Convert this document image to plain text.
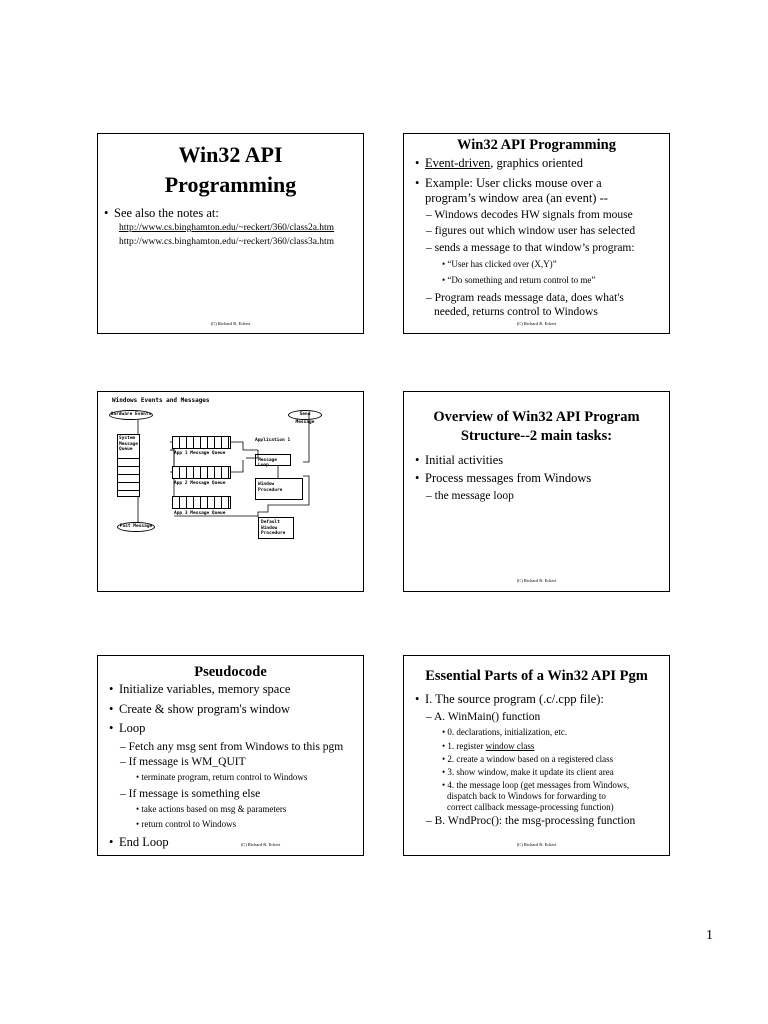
Win32 API
Programming
• See also the notes at:
http://www.cs.binghamton.edu/~reckert/360/class2a.htm
http://www.cs.binghamton.edu/~reckert/360/class3a.htm
(C) Richard R. Eckert
Win32 API Programming
• Event-driven, graphics oriented
• Example: User clicks mouse over a
program’s window area (an event) --
– Windows decodes HW signals from mouse
– figures out which window user has selected
– sends a message to that window’s program:
• “User has clicked over (X,Y)”
• “Do something and return control to me”
– Program reads message data, does what's
needed, returns control to Windows
(C) Richard R. Eckert
Windows Events and Messages
Hardware Events	Send Message
System Message Queue
App 1 Message Queue
App 2 Message Queue
App 3 Message Queue
Application 1
Message Loop
Window Procedure
Default Window Procedure
Post Message
Overview of Win32 API Program
Structure--2 main tasks:
• Initial activities
• Process messages from Windows
– the message loop
(C) Richard R. Eckert
Pseudocode
• Initialize variables, memory space
• Create & show program's window
• Loop
– Fetch any msg sent from Windows to this pgm
– If message is WM_QUIT
• terminate program, return control to Windows
– If message is something else
• take actions based on msg & parameters
• return control to Windows
• End Loop	(C) Richard R. Eckert
Essential Parts of a Win32 API Pgm
• I. The source program (.c/.cpp file):
– A. WinMain() function
• 0. declarations, initialization, etc.
• 1. register window class
• 2. create a window based on a registered class
• 3. show window, make it update its client area
• 4. the message loop (get messages from Windows,
dispatch back to Windows for forwarding to
correct callback message-processing function)
– B. WndProc(): the msg-processing function
(C) Richard R. Eckert
1
